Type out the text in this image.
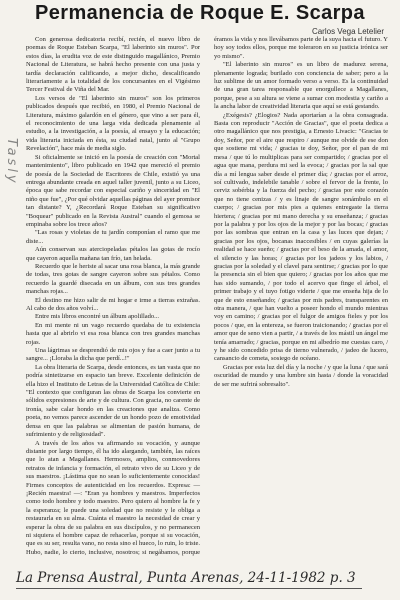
Permanencia de Roque E. Scarpa
Carlos Vega Letelier
Tasly

Con generosa dedicatoria recibí, recién, el nuevo libro de poemas de Roque Esteban Scarpa, "El laberinto sin muros". Por estos días, la erudita voz de este distinguido magallánico, Premio Nacional de Literatura, se habrá hecho presente con una justa y tardía declaración calificando, a mejor dicho, descalificando literariamente a la totalidad de los concursantes en el Vigésimo Tercer Festival de Viña del Mar.

Los versos de "El laberinto sin muros" son los primeros publicados después que recibió, en 1980, el Premio Nacional de Literatura, máximo galardón en el género, que vino a ser para él, el reconocimiento de una larga vida dedicada plenamente al estudio, a la investigación, a la poesía, al ensayo y la educación; vida literaria iniciada en ésta, su ciudad natal, junto al "Grupo Revelación", hace más de media siglo.

Si oficialmente se inició en la poesía de creación con "Mortal mantenimiento", libro publicado en 1942 que mereció el premio de poesía de la Sociedad de Escritores de Chile, existió ya una entrega abundante creada en aquel taller juvenil, junto a su Liceo, época que sabe recordar con especial cariño y sinceridad en "El niño que fue", ¿Por qué olvidar aquellas páginas del ayer promisor tan distante? Y, ¿Recordará Roque Esteban su significativo "Boquear" publicado en la Revista Austral" cuando el gemosa se empinaba sobre los trece años?

"Las rosas y violetas de tu jardín componían el ramo que me diste...

Aún conservan sus aterciopeladas pétalos las gotas de rocío que cayeron aquella mañana tan frío, tan helada.

Recuerdo que le heriste al sacar una rosa blanca, la más grande de todas, tres gotas de sangre cayeron sobre sus pétalos. Como recuerdo la guardé disecada en un álbum, con sus tres grandes manchas rojas...

El destino me hizo salir de mi hogar e irme a tierras extrañas. Al cabo de dos años volví...

Entre mis libros encontré un álbum apolillado...

En mi mente ni un vago recuerdo quedaba de tu existencia hasta que al abrirlo vi esa rosa blanca con tres grandes manchas rojas.

Una lágrimas se desprendió de mis ojos y fue a caer junto a tu sangre... ¡Lloraba la dicha que perdí...!"

La obra literaria de Scarpa, desde entonces, es tan vasta que no podría sintetizarse en espacio tan breve. Excelente definición de ella hizo el Instituto de Letras de la Universidad Católica de Chile: "El contexto que configuran las obras de Scarpa los convierte en sólidos expresiones de arte y de cultura. Con gracia, no carente de ironía, sabe calar hondo en las creaciones que analiza. Como poeta, no vemos parece ascender de un hondo pozo de emotividad densa en que las palabras se alimentan de pasión humana, de sufrimiento y de religiosidad".

A través de los años va afirmando su vocación, y aunque distante por largo tiempo, él ha ido alargando, también, las raíces que lo atan a Magallanes. Hermosos, amplios, conmovedores retratos de infancia y formación, el retrato vivo de su Liceo y de sus maestros. ¡Lástima que no sean lo suficientemente conocidas! Firmes conceptos de autenticidad en los recuerdos. Expresa: —¡Recién maestra! —: "Eran ya hombres y maestros. Imperfectos como todo hombre y todo maestro. Pero quiero al hombre la fe y la esperanza; le puede una soledad que no resiste y le obliga a restaurarla en su alma. Cuánta el maestro la necesidad de crear y esperar la obra de su palabra en sus discípulos, y no permanecen ni siquiera el hombre capaz de rehacerlas, porque si su vocación, que es su ser, resulta vano, no resta sino el hueco, lo ruin, lo triste. Hubo, nadie, lo cierto, inclusive, nosotros; si negábamos, porque éramos la vida y nos llevábamos parte de la suya hacia el futuro. Y hoy soy todos ellos, porque me toleraron en su justicia irónica ser yo mismo".

"El laberinto sin muros" es un libro de madurez serena, plenamente lograda; burilado con conciencia de saber; pero a la luz sublime de un amor formado verso a verso. Es la continuidad de una gran tarea responsable que enorgullece a Magallanes, porque, pese a su altura se viene a sumar con modestia y cariño a la ancha labor de creatividad literaria que aquí se está gestando.

¿Exégesis? ¿Elogios? Nada aportarían a la obra consagrada. Basta con reproducir "Acción de Gracias", que el poeta dedica a otro magallánico que nos prestigia, a Ernesto Livacic: "Gracias te doy, Señor, por el aire que respiro / aunque me olvide de ese don que sostiene mi vida; / gracias te doy, Señor, por el pan de mi mesa / que tú lo multiplicas para ser compartido; / gracias por el agua que mana, perdura mi sed la evoca; / gracias por la sal que día a mí lengua saber desde el primer día; / gracias por el arroz, soí cultivado, indelebile tanable / sobre el fervor de la frente, lo cerviz sobérbia y la fuerza del pecho; / gracias por este corazón que no tiene cenizas / y es linaje de sangre sonámbulo en el cuerpo; / gracias por mis pies a quienes entregaste la tierra hiertera; / gracias por mi mano derecha y su enseñanza; / gracias por la palabra y por los ojos de la mejor y por las bocas; / gracias por las sombras que entran en la casa y las luces que dejan; / gracias por los ojos, bocanas inaccesibles / en cuyas galerías la realidad se hace sueño; / gracias por el beso de la amada, el amor, el silencio y las horas; / gracias por los jadeos y los labios, / gracias por la soledad y el clavel para sentirse; / gracias por lo que la presencia sin el bien que quiero; / gracias por los años que me has sido sumando, / por todo el acervo que finge el árbol, el primer trabajo y el tuyo fotigo viderte / que me enseña hija de lo que de esto enseñando; / gracias por mis padres, transparentes en otra manera, / que han vuelto a poseer hondo el mundo mientras voy en camino; / gracias por el fulgor de amigos fieles y por los pocos / que, en la entereza, se fueron traicionando; / gracias por el amor que de seno vien a partir, / a través de los mástil un ángel me tenía amarrado; / gracias, porque en mi albedrío me cuestas caro, / y he sido concedido prisa de tierno vulnerado, / jadeo de lucero, cansancio de cometa, sosiego de océano.

Gracias por esta luz del día y la noche / y que la luna / que sará oscuridad de mundo y una lumbre sin hasta / donde la voracidad de ser me sufrirá sobresalto".

La Prensa Austral, Punta Arenas, 24-11-1982 p. 3
